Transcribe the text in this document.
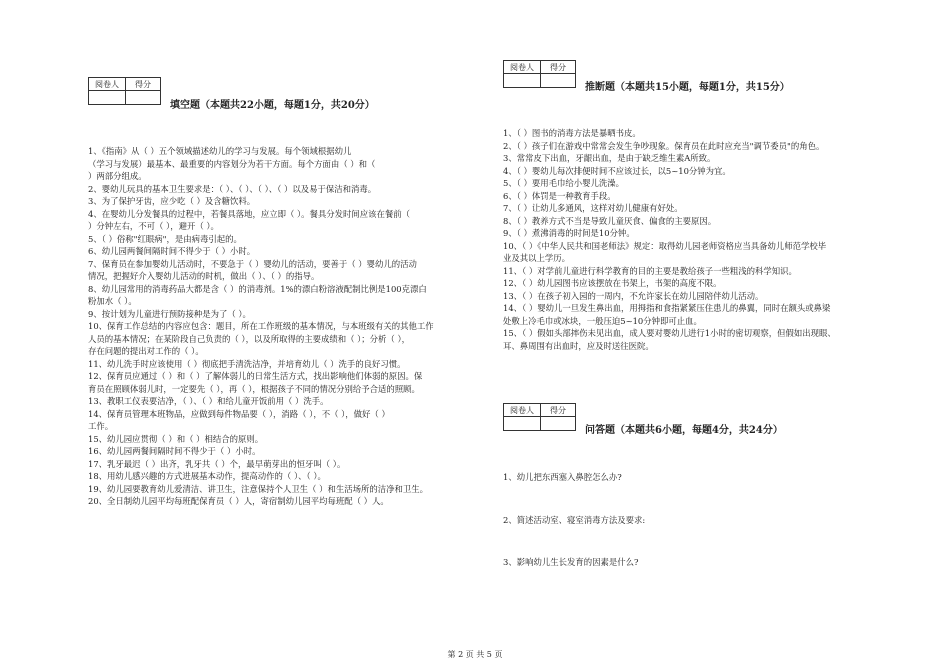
阅卷人	得分

填空题（本题共22小题，每题1分，共20分）

1、《指南》从（ ）五个领域描述幼儿的学习与发展。每个领域根据幼儿

（学习与发展）最基本、最重要的内容划分为若干方面。每个方面由（ ）和（

）两部分组成。

2、婴幼儿玩具的基本卫生要求是：（ ）、（ ）、（ ）、（ ）以及易于保洁和消毒。

3、为了保护牙齿，应少吃（ ）及含糖饮料。

4、在婴幼儿分发餐具的过程中，若餐具落地，应立即（ ）。餐具分发时间应该在餐前（

）分钟左右，不可（ ），避开（ ）。

5、（ ）俗称"红眼病"，是由病毒引起的。

6、幼儿园两餐间隔时间不得少于（ ）小时。

7、保育员在参加婴幼儿活动时，不要急于（ ）婴幼儿的活动，要善于（ ）婴幼儿的活动

情况，把握好介入婴幼儿活动的时机，做出（ ）、（ ）的指导。

8、幼儿园常用的消毒药品大都是含（ ）的消毒剂。1%的漂白粉溶液配制比例是100克漂白

粉加水（ ）。

9、按计划为儿童进行预防接种是为了（ ）。

10、保育工作总结的内容应包含：题目，所在工作班级的基本情况，与本班级有关的其他工作

人员的基本情况；在某阶段自己负责的（ ），以及所取得的主要成绩和（ ）；分析（ ），

存在问题的提出对工作的（ ）。

11、幼儿洗手时应该使用（ ）彻底把手清洗洁净，并培育幼儿（ ）洗手的良好习惯。

12、保育员应通过（ ）和（ ）了解体弱儿的日常生活方式，找出影响他们体弱的原因。保

育员在照顾体弱儿时，一定要先（ ），再（ ），根据孩子不同的情况分别给予合适的照顾。

13、教职工仪表要洁净，（ ）、（ ）和给儿童开饭前用（ ）洗手。

14、保育员管理本班物品，应做到每件物品要（ ），消路（ ），不（ ），做好（ ）

工作。

15、幼儿园应贯彻（ ）和（ ）相结合的原则。

16、幼儿园两餐间隔时间不得少于（ ）小时。

17、乳牙最迟（ ）出齐，乳牙共（ ）个，最早萌芽出的恒牙叫（ ）。

18、用幼儿感兴趣的方式进展基本动作，提高动作的（ ）、（ ）。

19、幼儿园要教育幼儿爱清洁、讲卫生，注意保持个人卫生（ ）和生活场所的洁净和卫生。

20、全日制幼儿园平均每班配保育员（ ）人，寄宿制幼儿园平均每班配（ ）人。

阅卷人	得分

推断题（本题共15小题，每题1分，共15分）

1、（ ）图书的消毒方法是暴晒书皮。

2、（ ）孩子们在游戏中常常会发生争吵现象。保育员在此时应充当"调节委员"的角色。

3、常常皮下出血，牙龈出血，是由于缺乏维生素A所致。

4、（ ）婴幼儿每次排便时间不应该过长，以5~10分钟为宜。

5、（ ）要用毛巾给小婴儿洗澡。

6、（ ）体罚是一种教育手段。

7、（ ）让幼儿多通风，这样对幼儿健康有好处。

8、（ ）教养方式不当是导致儿童厌食、偏食的主要原因。

9、（ ）煮沸消毒的时间是10分钟。

10、（ ）《中华人民共和国老师法》规定：取得幼儿园老师资格应当具备幼儿师范学校毕

业及其以上学历。

11、（ ）对学前儿童进行科学教育的目的主要是教给孩子一些粗浅的科学知识。

12、（ ）幼儿园图书应该摆放在书架上，书架的高度不限。

13、（ ）在孩子初入园的一周内，不允许家长在幼儿园陪伴幼儿活动。

14、（ ）婴幼儿一旦发生鼻出血，用拇指和食指紧紧压住患儿的鼻翼，同时在额头或鼻梁

处敷上冷毛巾或冰块，一般压迫5~10分钟即可止血。

15、（ ）假如头部摔伤未见出血，成人要对婴幼儿进行1小时的密切观察，但假如出现眼、

耳、鼻周围有出血时，应及时送往医院。

阅卷人	得分

问答题（本题共6小题，每题4分，共24分）

1、幼儿把东西塞入鼻腔怎么办?

2、简述活动室、寝室消毒方法及要求:

3、影响幼儿生长发育的因素是什么?

第 2 页 共 5 页
